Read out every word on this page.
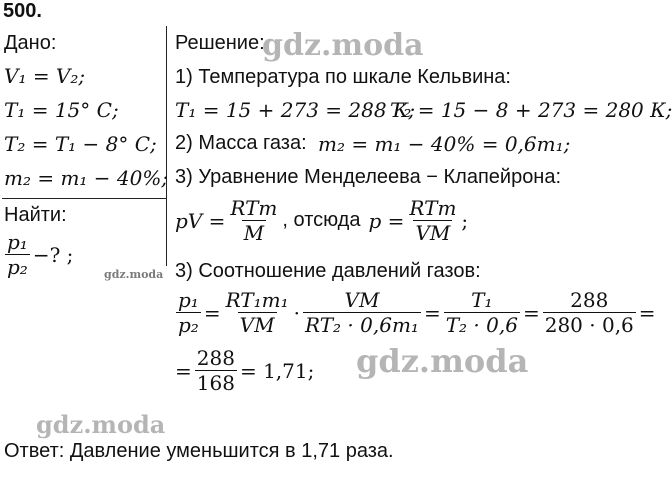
500.
Дано:
V₁ = V₂;
T₁ = 15° C;
T₂ = T₁ − 8° C;
m₂ = m₁ − 40%;
Найти:
$\frac{\text{p₁}}{\text{p₂}}$ −? ;
Решение:
1) Температура по шкале Кельвина:
T₁ = 15 + 273 = 288 К;
T₂ = 15 − 8 + 273 = 280 К;
2) Масса газа: m₂ = m₁ − 40% = 0,6m₁;
3) Уравнение Менделеева − Клапейрона:
pV = $\frac{\text{RTm}}{M}$ , отсюда $p = \frac{\text{RTm}}{VM}$ ;
3) Соотношение давлений газов:
$\frac{\text{p₁}}{\text{p₂}} = \frac{\text{RT₁m₁}}{VM} \cdot \frac{VM}{\text{RT₂ · 0,6m₁}} = \frac{\text{T₁}}{\text{T₂ · 0,6}} = \frac{288}{280 \cdot 0,6}$ =
= $\frac{288}{168} = 1,71$;
Ответ: Давление уменьшится в 1,71 раза.
gdz.moda
gdz.moda
gdz.moda
gdz.moda
